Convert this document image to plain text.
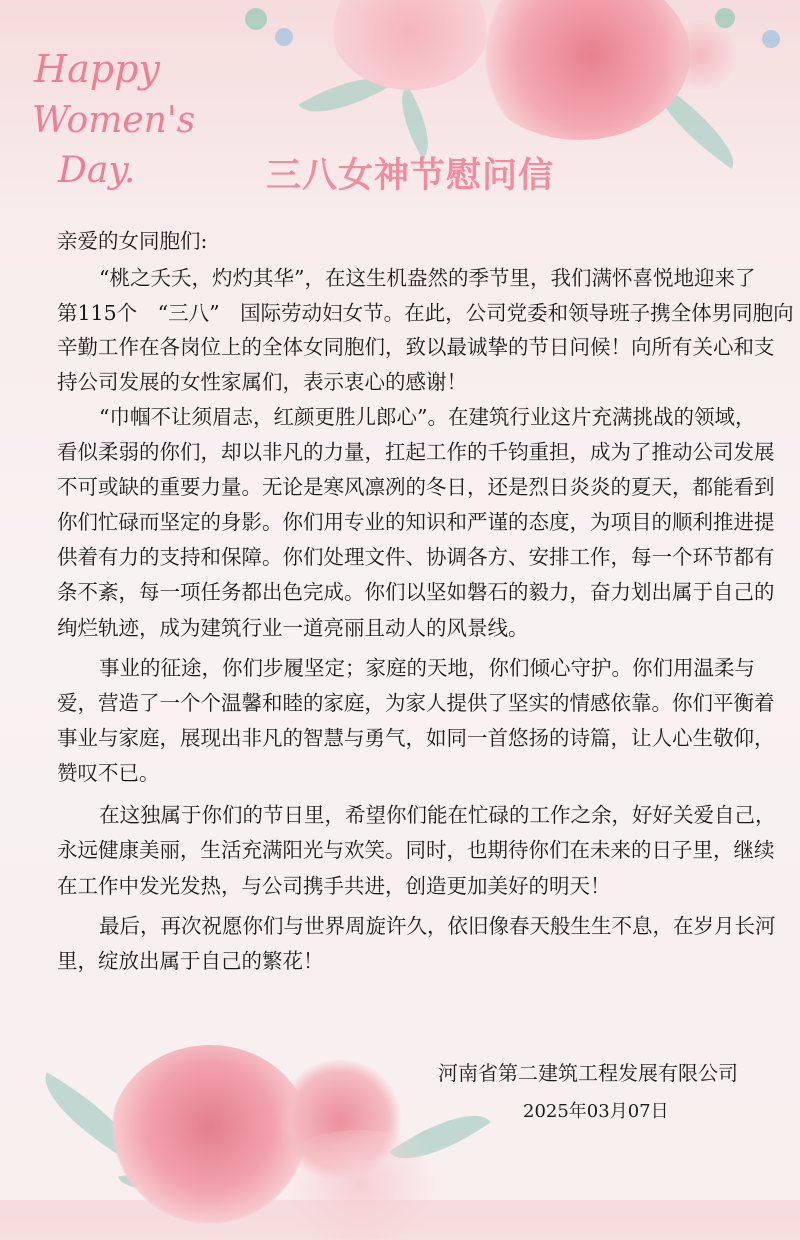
Happy
Women's
Day.	三八女神节慰问信
亲爱的女同胞们:
“桃之夭夭，灼灼其华”，在这生机盎然的季节里，我们满怀喜悦地迎来了
第115个　“三八”　国际劳动妇女节。在此，公司党委和领导班子携全体男同胞向
辛勤工作在各岗位上的全体女同胞们，致以最诚挚的节日问候！向所有关心和支
持公司发展的女性家属们，表示衷心的感谢！
“巾帼不让须眉志，红颜更胜儿郎心”。在建筑行业这片充满挑战的领域，
看似柔弱的你们，却以非凡的力量，扛起工作的千钧重担，成为了推动公司发展
不可或缺的重要力量。无论是寒风凛冽的冬日，还是烈日炎炎的夏天，都能看到
你们忙碌而坚定的身影。你们用专业的知识和严谨的态度，为项目的顺利推进提
供着有力的支持和保障。你们处理文件、协调各方、安排工作，每一个环节都有
条不紊，每一项任务都出色完成。你们以坚如磐石的毅力，奋力划出属于自己的
绚烂轨迹，成为建筑行业一道亮丽且动人的风景线。
事业的征途，你们步履坚定；家庭的天地，你们倾心守护。你们用温柔与
爱，营造了一个个温馨和睦的家庭，为家人提供了坚实的情感依靠。你们平衡着
事业与家庭，展现出非凡的智慧与勇气，如同一首悠扬的诗篇，让人心生敬仰，
赞叹不已。
在这独属于你们的节日里，希望你们能在忙碌的工作之余，好好关爱自己，
永远健康美丽，生活充满阳光与欢笑。同时，也期待你们在未来的日子里，继续
在工作中发光发热，与公司携手共进，创造更加美好的明天！
最后，再次祝愿你们与世界周旋许久，依旧像春天般生生不息，在岁月长河
里，绽放出属于自己的繁花！
河南省第二建筑工程发展有限公司
2025年03月07日
